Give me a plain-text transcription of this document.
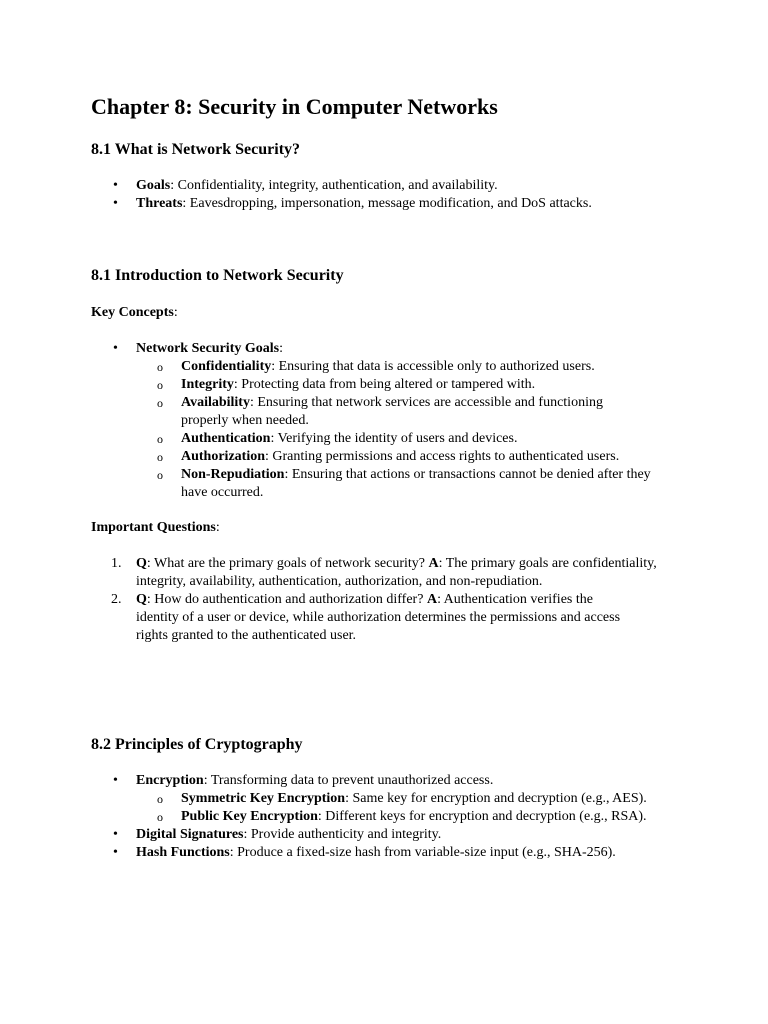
Chapter 8: Security in Computer Networks
8.1 What is Network Security?
• Goals: Confidentiality, integrity, authentication, and availability.
• Threats: Eavesdropping, impersonation, message modification, and DoS attacks.
8.1 Introduction to Network Security

Key Concepts:

• Network Security Goals:
o Confidentiality: Ensuring that data is accessible only to authorized users.
o Integrity: Protecting data from being altered or tampered with.
o Availability: Ensuring that network services are accessible and functioning properly when needed.
o Authentication: Verifying the identity of users and devices.
o Authorization: Granting permissions and access rights to authenticated users.
o Non-Repudiation: Ensuring that actions or transactions cannot be denied after they have occurred.

Important Questions:

1. Q: What are the primary goals of network security? A: The primary goals are confidentiality, integrity, availability, authentication, authorization, and non-repudiation.
2. Q: How do authentication and authorization differ? A: Authentication verifies the identity of a user or device, while authorization determines the permissions and access rights granted to the authenticated user.
8.2 Principles of Cryptography
• Encryption: Transforming data to prevent unauthorized access.
o Symmetric Key Encryption: Same key for encryption and decryption (e.g., AES).
o Public Key Encryption: Different keys for encryption and decryption (e.g., RSA).
• Digital Signatures: Provide authenticity and integrity.
• Hash Functions: Produce a fixed-size hash from variable-size input (e.g., SHA-256).
